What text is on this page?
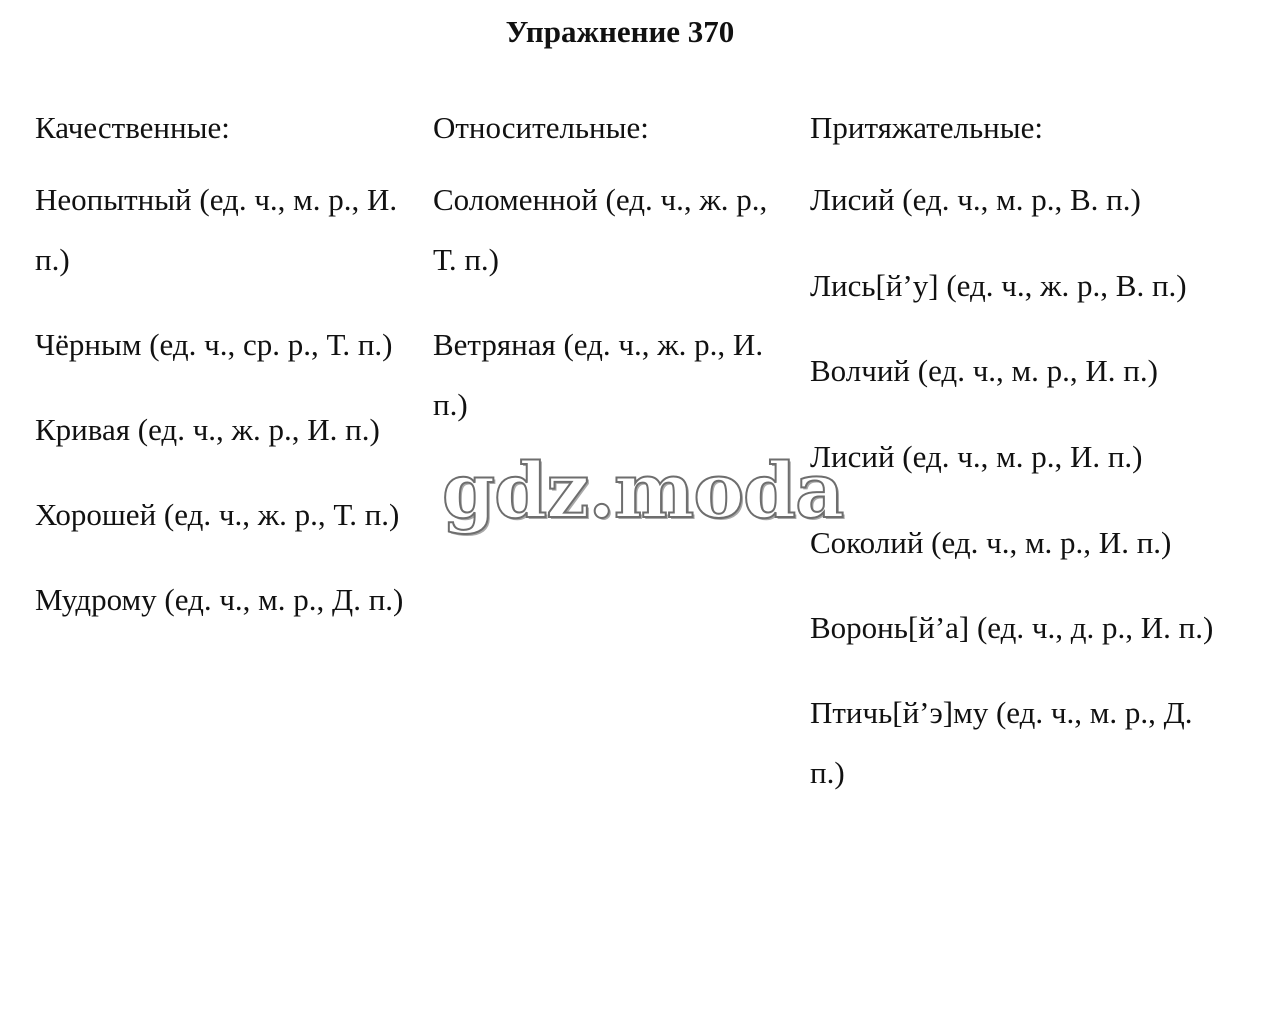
Упражнение 370
Качественные:
Неопытный (ед. ч., м. р., И. п.)
Чёрным (ед. ч., ср. р., Т. п.)
Кривая (ед. ч., ж. р., И. п.)
Хорошей (ед. ч., ж. р., Т. п.)
Мудрому (ед. ч., м. р., Д. п.)
Относительные:
Соломенной (ед. ч., ж. р., Т. п.)
Ветряная (ед. ч., ж. р., И. п.)
Притяжательные:
Лисий (ед. ч., м. р., В. п.)
Лись[й’у] (ед. ч., ж. р., В. п.)
Волчий (ед. ч., м. р., И. п.)
Лисий (ед. ч., м. р., И. п.)
Соколий (ед. ч., м. р., И. п.)
Воронь[й’а] (ед. ч., д. р., И. п.)
Птичь[й’э]му (ед. ч., м. р., Д. п.)
gdz.moda
